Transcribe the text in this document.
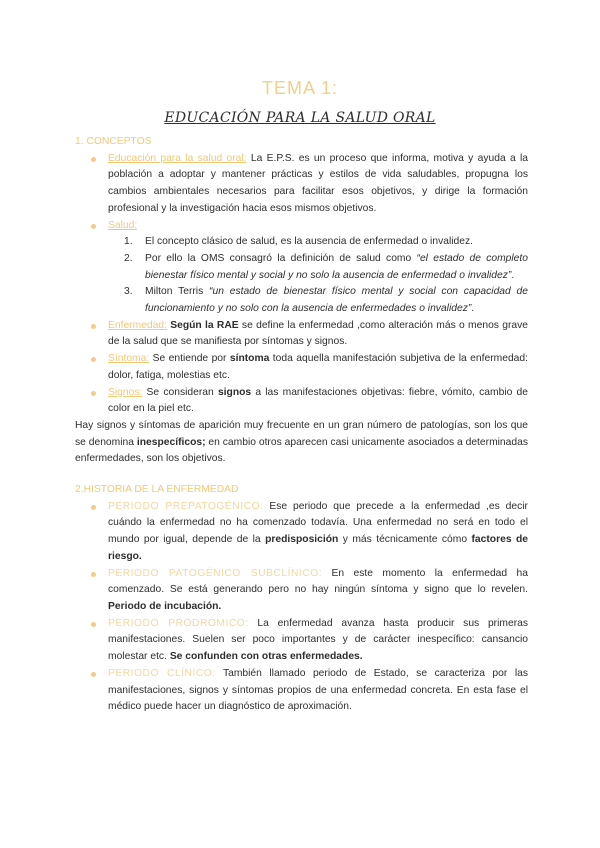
TEMA 1:
EDUCACIÓN PARA LA SALUD ORAL
1. CONCEPTOS
Educación para la salud oral: La E.P.S. es un proceso que informa, motiva y ayuda a la población a adoptar y mantener prácticas y estilos de vida saludables, propugna los cambios ambientales necesarios para facilitar esos objetivos, y dirige la formación profesional y la investigación hacia esos mismos objetivos.
Salud:
1. El concepto clásico de salud, es la ausencia de enfermedad o invalidez.
2. Por ello la OMS consagró la definición de salud como “el estado de completo bienestar físico mental y social y no solo la ausencia de enfermedad o invalidez”.
3. Milton Terris “un estado de bienestar físico mental y social con capacidad de funcionamiento y no solo con la ausencia de enfermedades o invalidez”.
Enfermedad: Según la RAE se define la enfermedad ,como alteración más o menos grave de la salud que se manifiesta por síntomas y signos.
Síntoma: Se entiende por síntoma toda aquella manifestación subjetiva de la enfermedad: dolor, fatiga, molestias etc.
Signos: Se consideran signos a las manifestaciones objetivas: fiebre, vómito, cambio de color en la piel etc.

Hay signos y síntomas de aparición muy frecuente en un gran número de patologías, son los que se denomina inespecíficos; en cambio otros aparecen casi unicamente asociados a determinadas enfermedades, son los objetivos.

2.HISTORIA DE LA ENFERMEDAD
PERIODO PREPATOGÉNICO: Ese periodo que precede a la enfermedad ,es decir cuándo la enfermedad no ha comenzado todavía. Una enfermedad no será en todo el mundo por igual, depende de la predisposición y más técnicamente cómo factores de riesgo.
PERIODO PATOGÉNICO SUBCLÍNICO: En este momento la enfermedad ha comenzado. Se está generando pero no hay ningún síntoma y signo que lo revelen. Periodo de incubación.
PERIODO PRODRÓMICO: La enfermedad avanza hasta producir sus primeras manifestaciones. Suelen ser poco importantes y de carácter inespecífico: cansancio molestar etc. Se confunden con otras enfermedades.
PERIODO CLÍNICO: También llamado periodo de Estado, se caracteriza por las manifestaciones, signos y síntomas propios de una enfermedad concreta. En esta fase el médico puede hacer un diagnóstico de aproximación.
